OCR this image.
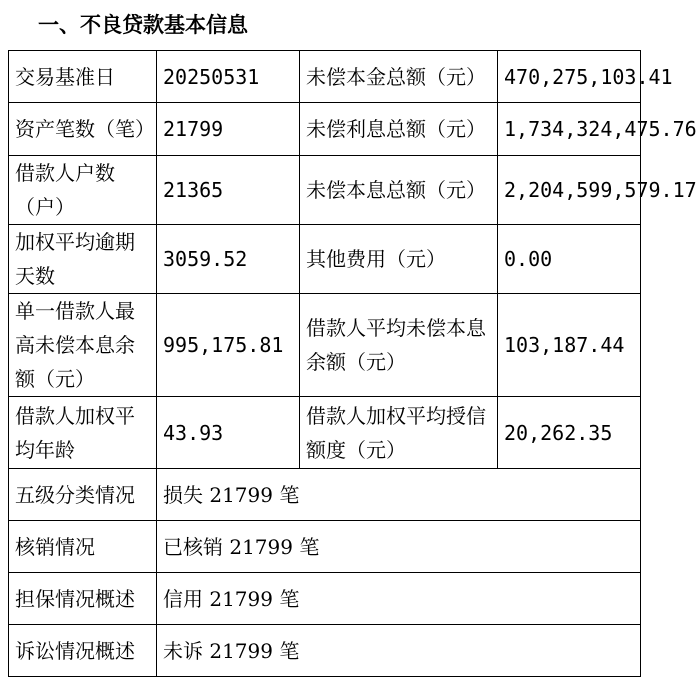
一、不良贷款基本信息
交易基准日	20250531	未偿本金总额（元）	470,275,103.41
资产笔数（笔）	21799	未偿利息总额（元）	1,734,324,475.76
借款人户数（户）	21365	未偿本息总额（元）	2,204,599,579.17
加权平均逾期天数	3059.52	其他费用（元）	0.00
单一借款人最高未偿本息余额（元）	995,175.81	借款人平均未偿本息余额（元）	103,187.44
借款人加权平均年龄	43.93	借款人加权平均授信额度（元）	20,262.35
五级分类情况	损失 21799 笔		
核销情况	已核销 21799 笔		
担保情况概述	信用 21799 笔		
诉讼情况概述	未诉 21799 笔		
